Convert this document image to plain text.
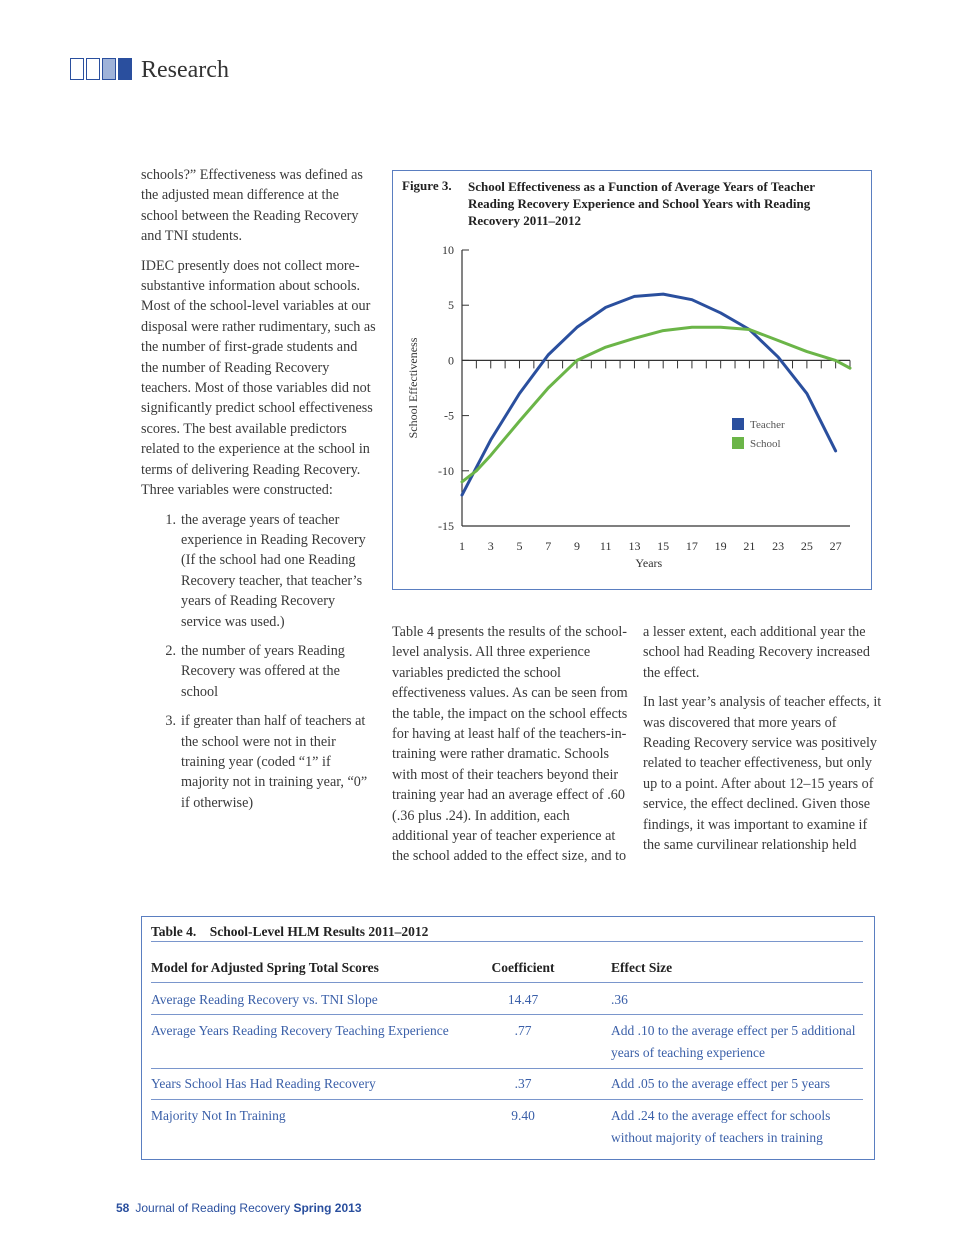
Research

schools?” Effectiveness was defined as the adjusted mean difference at the school between the Reading Recovery and TNI students.

IDEC presently does not collect more-substantive information about schools. Most of the school-level variables at our disposal were rather rudimentary, such as the number of first-grade students and the number of Reading Recovery teachers. Most of those variables did not significantly predict school effectiveness scores. The best available predictors related to the experience at the school in terms of delivering Reading Recovery. Three variables were constructed:

1. the average years of teacher experience in Reading Recovery (If the school had one Reading Recovery teacher, that teacher’s years of Reading Recovery service was used.)
2. the number of years Reading Recovery was offered at the school
3. if greater than half of teachers at the school were not in their training year (coded “1” if majority not in training year, “0” if otherwise)
Figure 3. School Effectiveness as a Function of Average Years of Teacher Reading Recovery Experience and School Years with Reading Recovery 2011–2012
10
5
0
-5
-10
-15
1 3 5 7 9 11 13 15 17 19 21 23 25 27
Years
School Effectiveness	Teacher
School

Table 4 presents the results of the school-level analysis. All three experience variables predicted the school effectiveness values. As can be seen from the table, the impact on the school effects for having at least half of the teachers-in-training were rather dramatic. Schools with most of their teachers beyond their training year had an average effect of .60 (.36 plus .24). In addition, each additional year of teacher experience at the school added to the effect size, and to

a lesser extent, each additional year the school had Reading Recovery increased the effect.

In last year’s analysis of teacher effects, it was discovered that more years of Reading Recovery service was positively related to teacher effectiveness, but only up to a point. After about 12–15 years of service, the effect declined. Given those findings, it was important to examine if the same curvilinear relationship held

Table 4. School-Level HLM Results 2011–2012
Model for Adjusted Spring Total Scores	Coefficient	Effect Size
Average Reading Recovery vs. TNI Slope	14.47	.36
Average Years Reading Recovery Teaching Experience	.77	Add .10 to the average effect per 5 additional years of teaching experience
Years School Has Had Reading Recovery	.37	Add .05 to the average effect per 5 years
Majority Not In Training	9.40	Add .24 to the average effect for schools without majority of teachers in training
58 Journal of Reading Recovery Spring 2013
